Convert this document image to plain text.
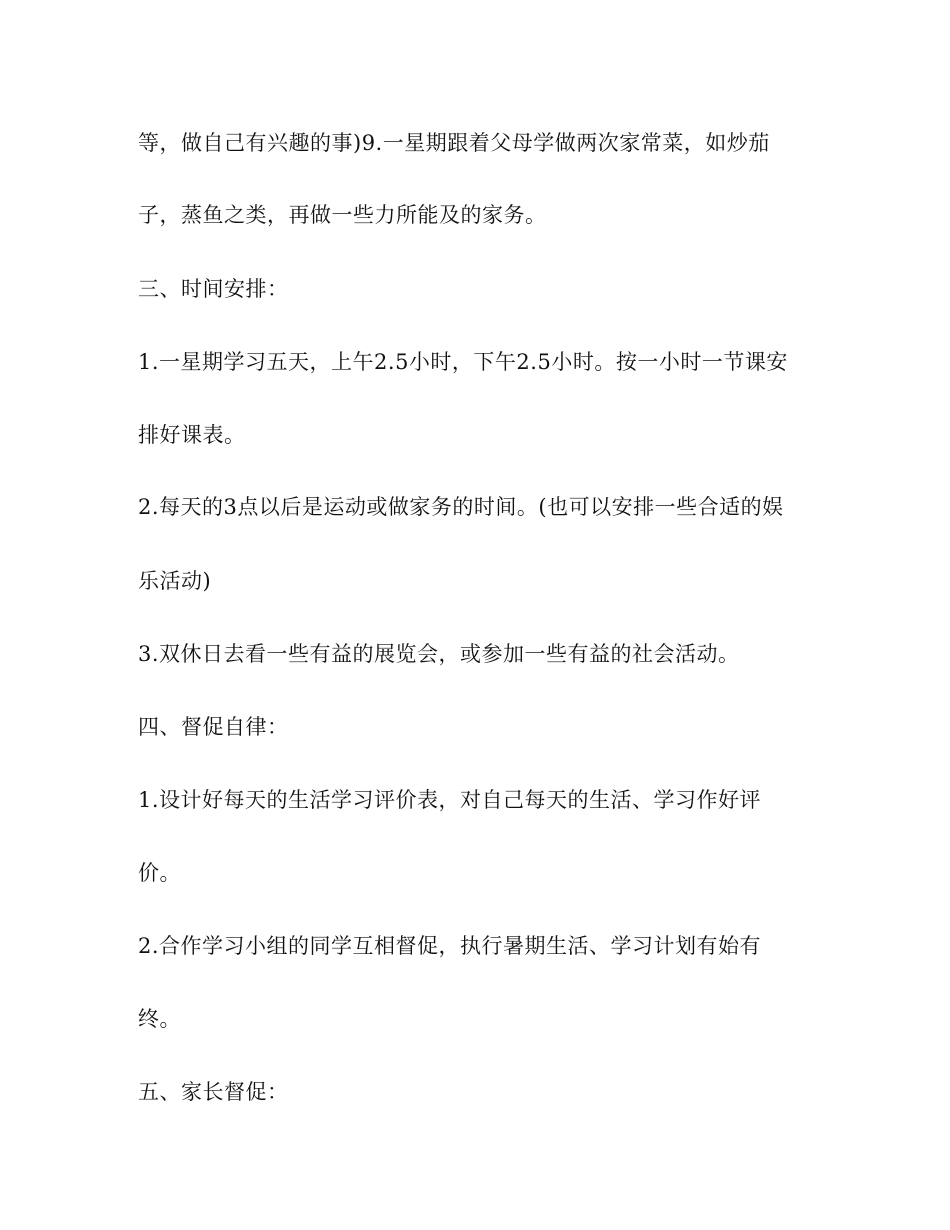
等，做自己有兴趣的事)9.一星期跟着父母学做两次家常菜，如炒茄

子，蒸鱼之类，再做一些力所能及的家务。

三、时间安排：

1.一星期学习五天，上午2.5小时，下午2.5小时。按一小时一节课安

排好课表。

2.每天的3点以后是运动或做家务的时间。(也可以安排一些合适的娱

乐活动)

3.双休日去看一些有益的展览会，或参加一些有益的社会活动。

四、督促自律：

1.设计好每天的生活学习评价表，对自己每天的生活、学习作好评

价。

2.合作学习小组的同学互相督促，执行暑期生活、学习计划有始有

终。

五、家长督促：
